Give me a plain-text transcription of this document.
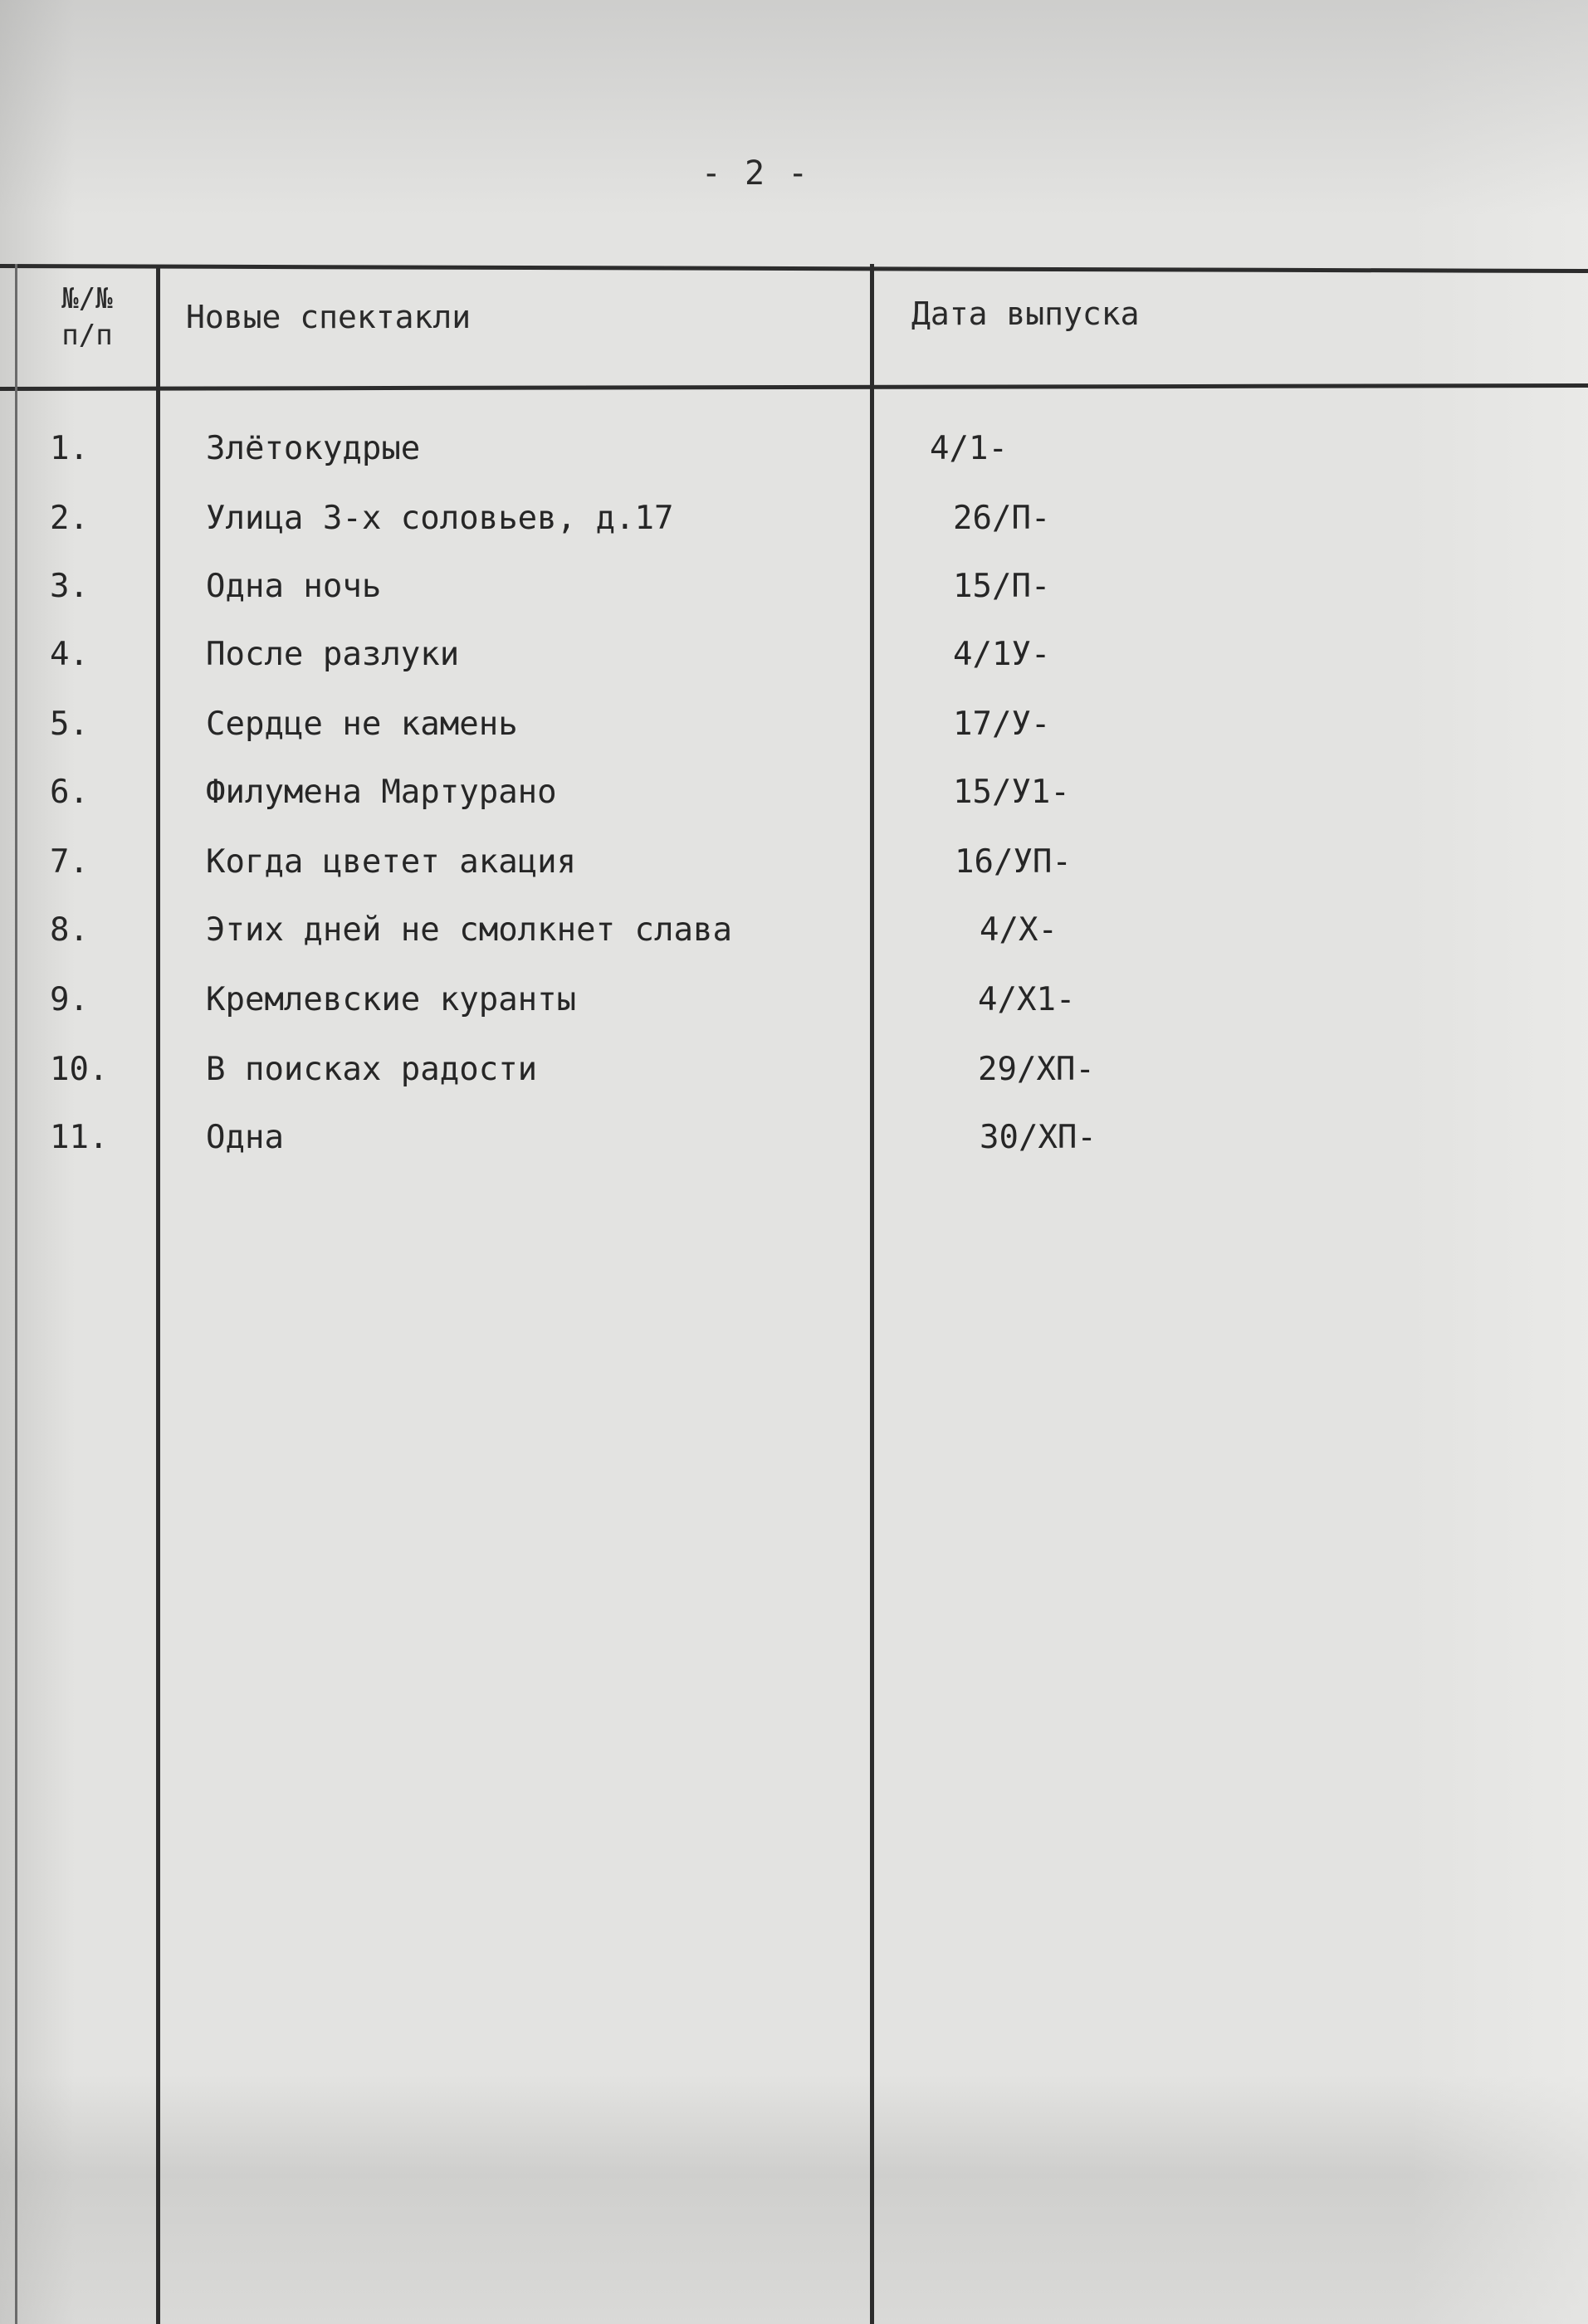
- 2 -
№/№
п/п	Новые спектакли	Дата выпуска
1.	Злётокудрые	4/1-
2.	Улица 3-х соловьев, д.17	26/П-
3.	Одна ночь	15/П-
4.	После разлуки	4/1У-
5.	Сердце не камень	17/У-
6.	Филумена Мартурано	15/У1-
7.	Когда цветет акация	16/УП-
8.	Этих дней не смолкнет слава	4/Х-
9.	Кремлевские куранты	4/Х1-
10.	В поисках радости	29/ХП-
11.	Одна	30/ХП-
